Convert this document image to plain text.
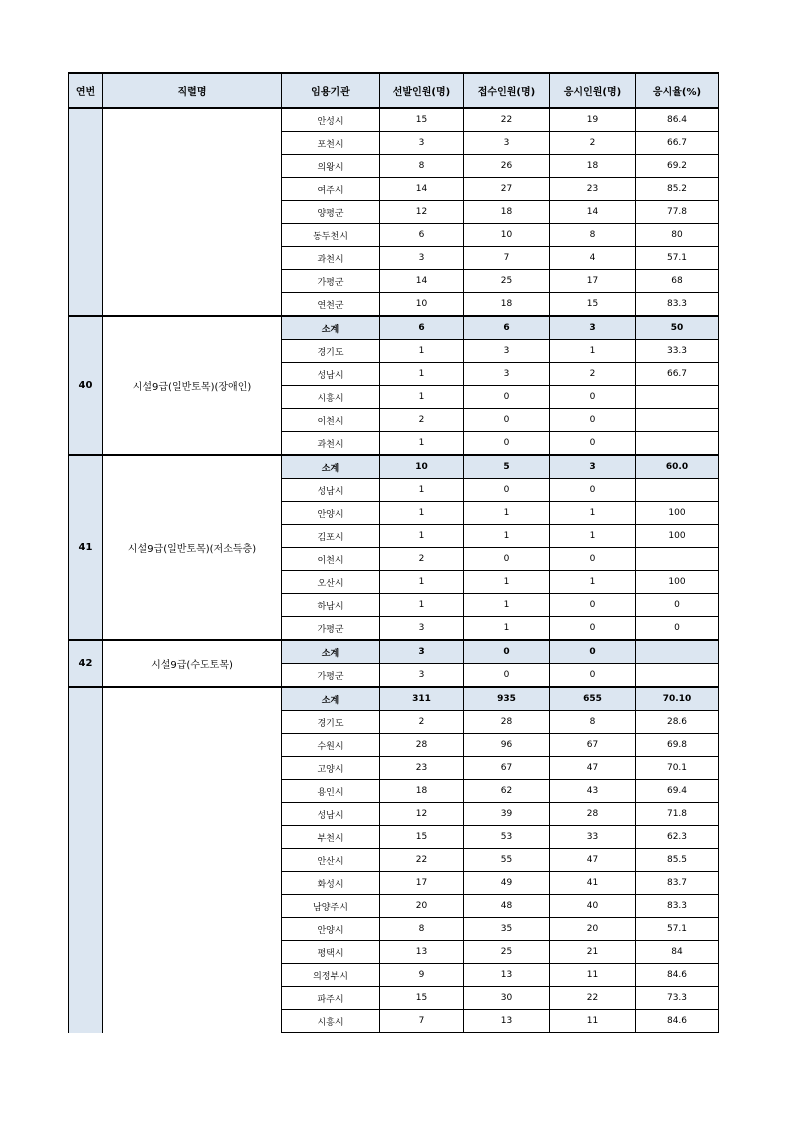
연번	직렬명	임용기관	선발인원(명)	접수인원(명)	응시인원(명)	응시율(%)
		안성시	15	22	19	86.4
		포천시	3	3	2	66.7
		의왕시	8	26	18	69.2
		여주시	14	27	23	85.2
		양평군	12	18	14	77.8
		동두천시	6	10	8	80
		과천시	3	7	4	57.1
		가평군	14	25	17	68
		연천군	10	18	15	83.3
40	시설9급(일반토목)(장애인)	소계	6	6	3	50
		경기도	1	3	1	33.3
		성남시	1	3	2	66.7
		시흥시	1	0	0	
		이천시	2	0	0	
		과천시	1	0	0	
41	시설9급(일반토목)(저소득층)	소계	10	5	3	60.0
		성남시	1	0	0	
		안양시	1	1	1	100
		김포시	1	1	1	100
		이천시	2	0	0	
		오산시	1	1	1	100
		하남시	1	1	0	0
		가평군	3	1	0	0
42	시설9급(수도토목)	소계	3	0	0	
		가평군	3	0	0	
		소계	311	935	655	70.10
		경기도	2	28	8	28.6
		수원시	28	96	67	69.8
		고양시	23	67	47	70.1
		용인시	18	62	43	69.4
		성남시	12	39	28	71.8
		부천시	15	53	33	62.3
		안산시	22	55	47	85.5
		화성시	17	49	41	83.7
		남양주시	20	48	40	83.3
		안양시	8	35	20	57.1
		평택시	13	25	21	84
		의정부시	9	13	11	84.6
		파주시	15	30	22	73.3
		시흥시	7	13	11	84.6
